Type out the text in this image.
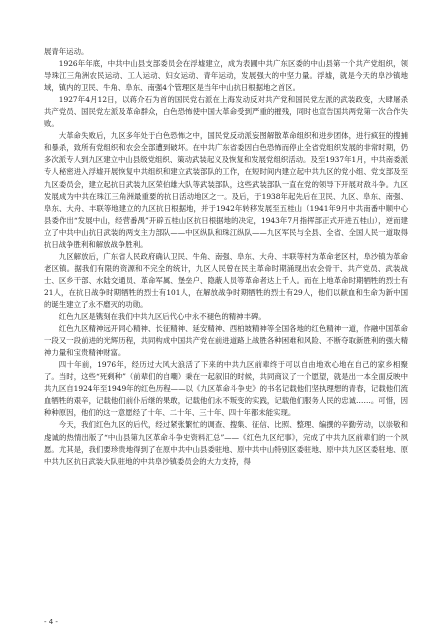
展青年运动。

1926年年底，中共中山县支部委员会在浮墟建立，成为表圃中共广东区委的中山县第一个共产党组织，领导珠江三角洲农民运动、工人运动、妇女运动、青年运动，发展强大的中坚力量。浮墟，就是今天的阜沙镇地域，镇内的卫民、牛角、阜东、南强4个管理区是当年中山抗日根据地之首区。

1927年4月12日，以蒋介石为首的国民党右派在上海发动反对共产党和国民党左派的武装政变，大肆屠杀共产党员、国民党左派及革命群众，白色恐怖使中国大革命受到严重的摧残，同时也宣告国共两党第一次合作失败。

大革命失败后，九区多年处于白色恐怖之中，国民党反动派妄图解散革命组织和进步团体，进行疯狂的搜捕和暴杀，致所有党组织和农会全部遭到破坏。在中共广东省委因白色恐怖而停止全省党组织发展的非常时期，仍多次派专人到九区建立中山县级党组织、策动武装起义及恢复和发展党组织活动。及至1937年1月，中共南委派专人秘密进入浮墟开展恢复中共组织和建立武装部队的工作，在短时间内建立起中共九区的党小组、党支部及至九区委员会，建立起抗日武装九区荣伯雄大队等武装部队，这些武装部队一直在党的领导下开展对敌斗争。九区发展成为中共在珠江三角洲最重要的抗日活动地区之一。及后，于1938年起先后在卫民、九区、阜东、南强、阜东、大舟、丰联等地建立的九区抗日根据地，并于1942年转移发展至五桂山（1941年9月中共南番中顺中心县委作出“发展中山，经营番禺”开辟五桂山区抗日根据地的决定，1943年7月指挥部正式开进五桂山），逆而建立了中共中山抗日武装的两支主力部队——中区纵队和珠江纵队——九区军民与全县、全省、全国人民一道取得抗日战争胜利和解放战争胜利。

九区解放后，广东省人民政府确认卫民、牛角、南强、阜东、大舟、丰联等村为革命老区村，阜沙镇为革命老区镇。据我们有限的资源和不完全的统计，九区人民曾在民主革命时期涌现出农会骨干、共产党员、武装战士、区乡干部、水陆交通员、革命军属、堡垒户、隐蔽人员等革命者达上千人。而在上地革命时期牺牲的烈士有21人，在抗日战争时期牺牲的烈士有101人，在解放战争时期牺牲的烈士有29人，他们以献血和生命为新中国的诞生建立了永不磨灭的功勋。

红色九区是镌刻在我们中共九区后代心中永不褪色的精神丰碑。

红色九区精神远开同心精神、长征精神、延安精神、西柏坡精神等全国各地的红色精神一道，作融中国革命一段又一段前进的光辉历程，共同构成中国共产党在前进道路上战胜各种困难和风险、不断夺取新胜利的强大精神力量和宝贵精神财富。

四十年前，1976年，经历过大风大浪活了下来的中共九区前辈终于可以自由地欢心地在自己的家乡相聚了。当时，这些“死剩种”（前辈们的自嘲）秉在一起叙旧的时候，共同商议了一个愿望，就是出一本全面反映中共九区自1924年至1949年的红色历程——以《九区革命斗争史》的书名记载他们坚执理想的青春，记载他们流血牺牲的艰辛，记载他们前仆后继的果敢，记载他们永不叛变的实践，记载他们服务人民的忠诚……。可惜，因种种原因，他们的这一意愿经了十年、二十年、三十年、四十年都未能实现。

今天，我们红色九区的后代，经过紧张繁忙的调查、搜集、征信、比照、整理、编撰的辛勤劳动，以崇敬和虔诚的热情出版了“中山县第九区革命斗争史资料汇总”——《红色九区纪事》，完成了中共九区前辈们的一个夙愿。尤其是，我们要珍贵地得到了在原中共中山县委驻地、原中共中山特别区委驻地、原中共九区区委驻地、原中共九区抗日武装大队驻地的中共阜沙镇委员会的大力支持，得

- 4 -
